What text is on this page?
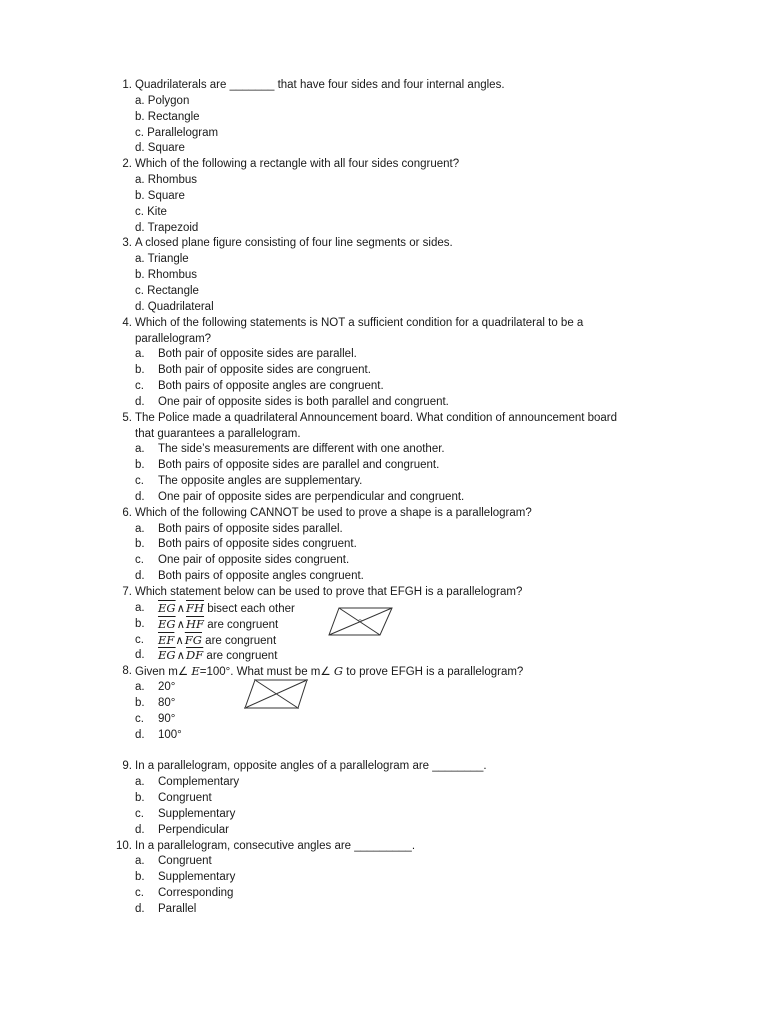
1. Quadrilaterals are _______ that have four sides and four internal angles.
a. Polygon
b. Rectangle
c. Parallelogram
d. Square
2. Which of the following a rectangle with all four sides congruent?
a. Rhombus
b. Square
c. Kite
d. Trapezoid
3. A closed plane figure consisting of four line segments or sides.
a. Triangle
b. Rhombus
c. Rectangle
d. Quadrilateral
4. Which of the following statements is NOT a sufficient condition for a quadrilateral to be a
parallelogram?
a. Both pair of opposite sides are parallel.
b. Both pair of opposite sides are congruent.
c. Both pairs of opposite angles are congruent.
d. One pair of opposite sides is both parallel and congruent.
5. The Police made a quadrilateral Announcement board. What condition of announcement board
that guarantees a parallelogram.
a. The side’s measurements are different with one another.
b. Both pairs of opposite sides are parallel and congruent.
c. The opposite angles are supplementary.
d. One pair of opposite sides are perpendicular and congruent.
6. Which of the following CANNOT be used to prove a shape is a parallelogram?
a. Both pairs of opposite sides parallel.
b. Both pairs of opposite sides congruent.
c. One pair of opposite sides congruent.
d. Both pairs of opposite angles congruent.
7. Which statement below can be used to prove that EFGH is a parallelogram?
a. $\overline{EG}\wedge\overline{FH}$ bisect each other
b. $\overline{EG}\wedge\overline{HF}$ are congruent
c. $\overline{EF}\wedge\overline{FG}$ are congruent
d. $\overline{EG}\wedge\overline{DF}$ are congruent
8. Given m∠ E=100°. What must be m∠ G to prove EFGH is a parallelogram?
a. 20°
b. 80°
c. 90°
d. 100°
9. In a parallelogram, opposite angles of a parallelogram are ________.
a. Complementary
b. Congruent
c. Supplementary
d. Perpendicular
10. In a parallelogram, consecutive angles are _________.
a. Congruent
b. Supplementary
c. Corresponding
d. Parallel
